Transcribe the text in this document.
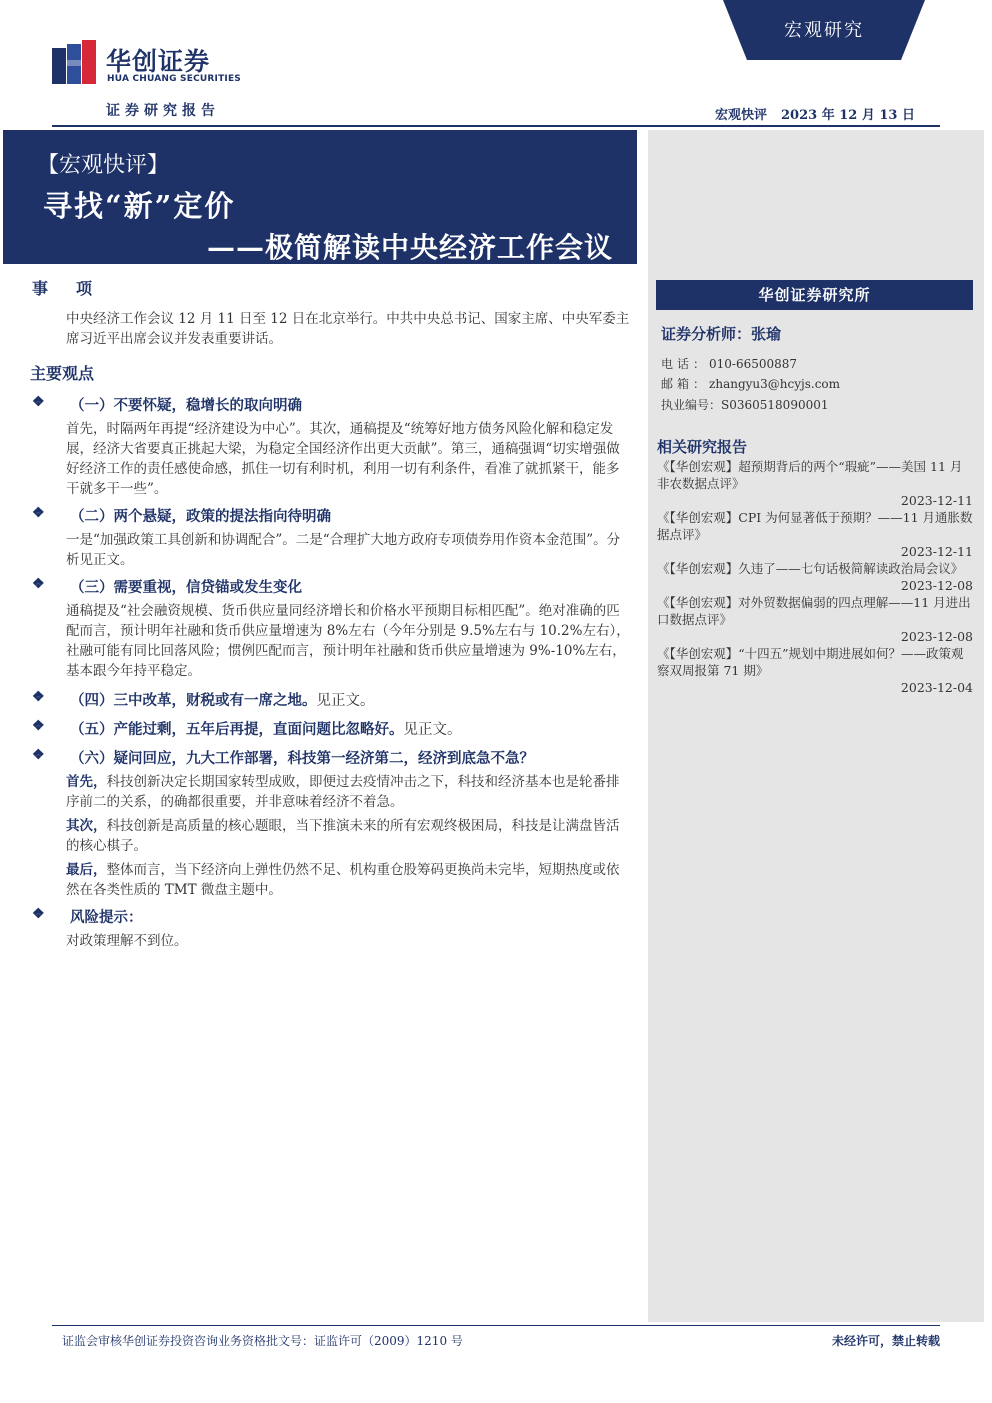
华创证券
HUA CHUANG SECURITIES
证券研究报告
宏观研究
宏观快评 2023 年 12 月 13 日
【宏观快评】
寻找“新”定价
——极简解读中央经济工作会议
华创证券研究所
证券分析师：张瑜
电话：010-66500887
邮箱：zhangyu3@hcyjs.com
执业编号：S0360518090001
相关研究报告
《【华创宏观】超预期背后的两个“瑕疵”——美国 11 月非农数据点评》
2023-12-11
《【华创宏观】CPI 为何显著低于预期？——11 月通胀数据点评》
2023-12-11
《【华创宏观】久违了——七句话极简解读政治局会议》
2023-12-08
《【华创宏观】对外贸数据偏弱的四点理解——11 月进出口数据点评》
2023-12-08
《【华创宏观】“十四五”规划中期进展如何？——政策观察双周报第 71 期》
2023-12-04
事项

中央经济工作会议 12 月 11 日至 12 日在北京举行。中共中央总书记、国家主席、中央军委主席习近平出席会议并发表重要讲话。

主要观点
❖	（一）不要怀疑，稳增长的取向明确

首先，时隔两年再提“经济建设为中心”。其次，通稿提及“统筹好地方债务风险化解和稳定发展，经济大省要真正挑起大梁，为稳定全国经济作出更大贡献”。第三，通稿强调“切实增强做好经济工作的责任感使命感，抓住一切有利时机，利用一切有利条件，看准了就抓紧干，能多干就多干一些”。

❖	（二）两个悬疑，政策的提法指向待明确

一是“加强政策工具创新和协调配合”。二是“合理扩大地方政府专项债券用作资本金范围”。分析见正文。

❖	（三）需要重视，信贷锚或发生变化

通稿提及“社会融资规模、货币供应量同经济增长和价格水平预期目标相匹配”。绝对准确的匹配而言，预计明年社融和货币供应量增速为 8%左右（今年分别是 9.5%左右与 10.2%左右），社融可能有同比回落风险；惯例匹配而言，预计明年社融和货币供应量增速为 9%-10%左右，基本跟今年持平稳定。

❖	（四）三中改革，财税或有一席之地。见正文。
❖	（五）产能过剩，五年后再提，直面问题比忽略好。见正文。
❖	（六）疑问回应，九大工作部署，科技第一经济第二，经济到底急不急？

首先，科技创新决定长期国家转型成败，即便过去疫情冲击之下，科技和经济基本也是轮番排序前二的关系，的确都很重要，并非意味着经济不着急。

其次，科技创新是高质量的核心题眼，当下推演未来的所有宏观终极困局，科技是让满盘皆活的核心棋子。

最后，整体而言，当下经济向上弹性仍然不足、机构重仓股筹码更换尚未完毕，短期热度或依然在各类性质的 TMT 微盘主题中。

❖	风险提示：

对政策理解不到位。

证监会审核华创证券投资咨询业务资格批文号：证监许可（2009）1210 号	未经许可，禁止转载
